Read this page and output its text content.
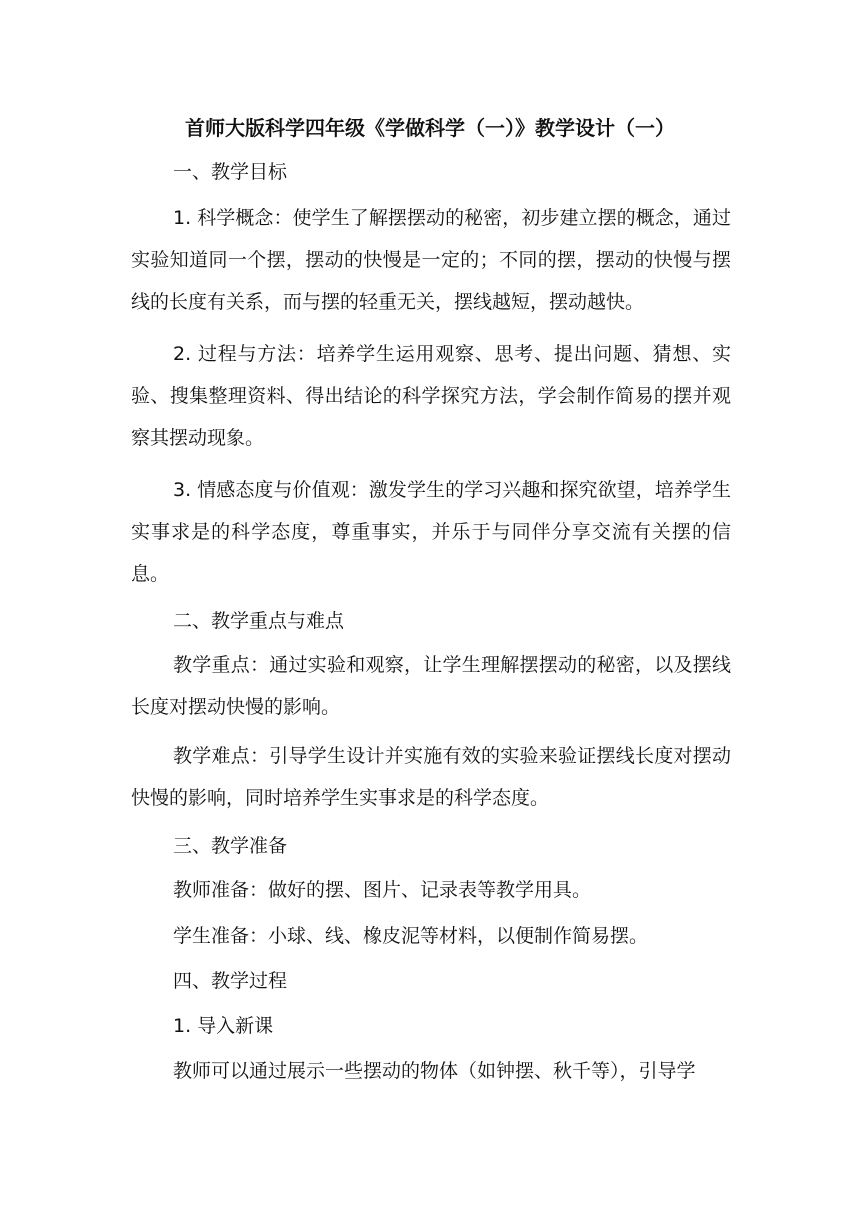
首师大版科学四年级《学做科学（一）》教学设计（一）

一、教学目标

1. 科学概念：使学生了解摆摆动的秘密，初步建立摆的概念，通过实验知道同一个摆，摆动的快慢是一定的；不同的摆，摆动的快慢与摆线的长度有关系，而与摆的轻重无关，摆线越短，摆动越快。

2. 过程与方法：培养学生运用观察、思考、提出问题、猜想、实验、搜集整理资料、得出结论的科学探究方法，学会制作简易的摆并观察其摆动现象。

3. 情感态度与价值观：激发学生的学习兴趣和探究欲望，培养学生实事求是的科学态度，尊重事实，并乐于与同伴分享交流有关摆的信息。

二、教学重点与难点

教学重点：通过实验和观察，让学生理解摆摆动的秘密，以及摆线长度对摆动快慢的影响。

教学难点：引导学生设计并实施有效的实验来验证摆线长度对摆动快慢的影响，同时培养学生实事求是的科学态度。

三、教学准备

教师准备：做好的摆、图片、记录表等教学用具。

学生准备：小球、线、橡皮泥等材料，以便制作简易摆。

四、教学过程

1. 导入新课

教师可以通过展示一些摆动的物体（如钟摆、秋千等），引导学
